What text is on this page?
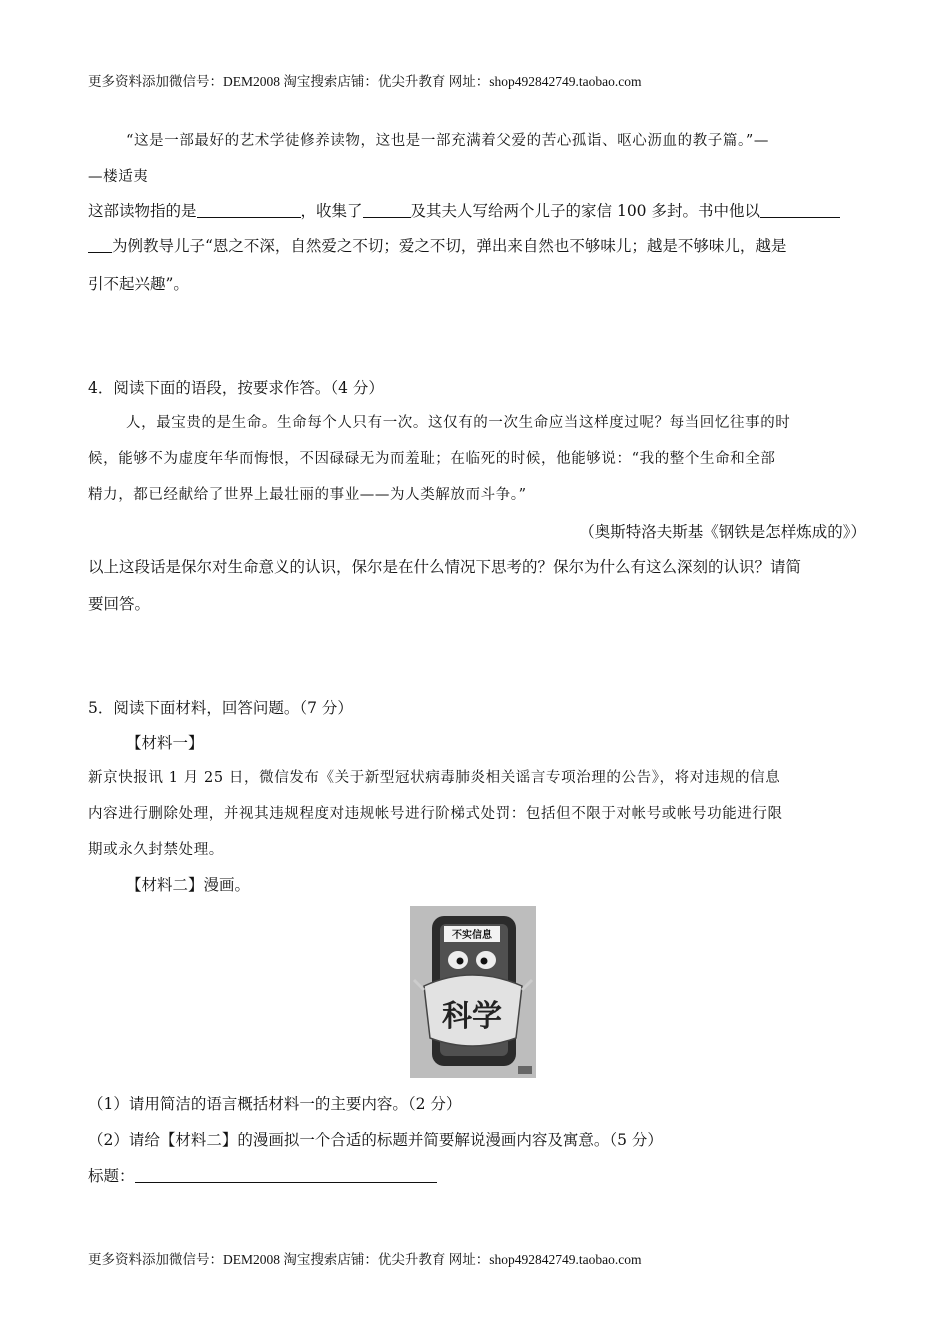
更多资料添加微信号：DEM2008 淘宝搜索店铺：优尖升教育 网址：shop492842749.taobao.com
“这是一部最好的艺术学徒修养读物，这也是一部充满着父爱的苦心孤诣、呕心沥血的教子篇。”—
—楼适夷
这部读物指的是	，收集了	及其夫人写给两个儿子的家信 100 多封。书中他以
为例教导儿子“恩之不深，自然爱之不切；爱之不切，弹出来自然也不够味儿；越是不够味儿，越是
引不起兴趣”。
4．阅读下面的语段，按要求作答。（4 分）
人，最宝贵的是生命。生命每个人只有一次。这仅有的一次生命应当这样度过呢？每当回忆往事的时
候，能够不为虚度年华而悔恨，不因碌碌无为而羞耻；在临死的时候，他能够说：“我的整个生命和全部
精力，都已经献给了世界上最壮丽的事业——为人类解放而斗争。”
（奥斯特洛夫斯基《钢铁是怎样炼成的》）
以上这段话是保尔对生命意义的认识，保尔是在什么情况下思考的？保尔为什么有这么深刻的认识？请简
要回答。
5．阅读下面材料，回答问题。（7 分）
【材料一】
新京快报讯 1 月 25 日，微信发布《关于新型冠状病毒肺炎相关谣言专项治理的公告》，将对违规的信息
内容进行删除处理，并视其违规程度对违规帐号进行阶梯式处罚：包括但不限于对帐号或帐号功能进行限
期或永久封禁处理。
【材料二】漫画。
不实信息
科学
（1）请用简洁的语言概括材料一的主要内容。（2 分）
（2）请给【材料二】的漫画拟一个合适的标题并简要解说漫画内容及寓意。（5 分）
标题：
更多资料添加微信号：DEM2008 淘宝搜索店铺：优尖升教育 网址：shop492842749.taobao.com
